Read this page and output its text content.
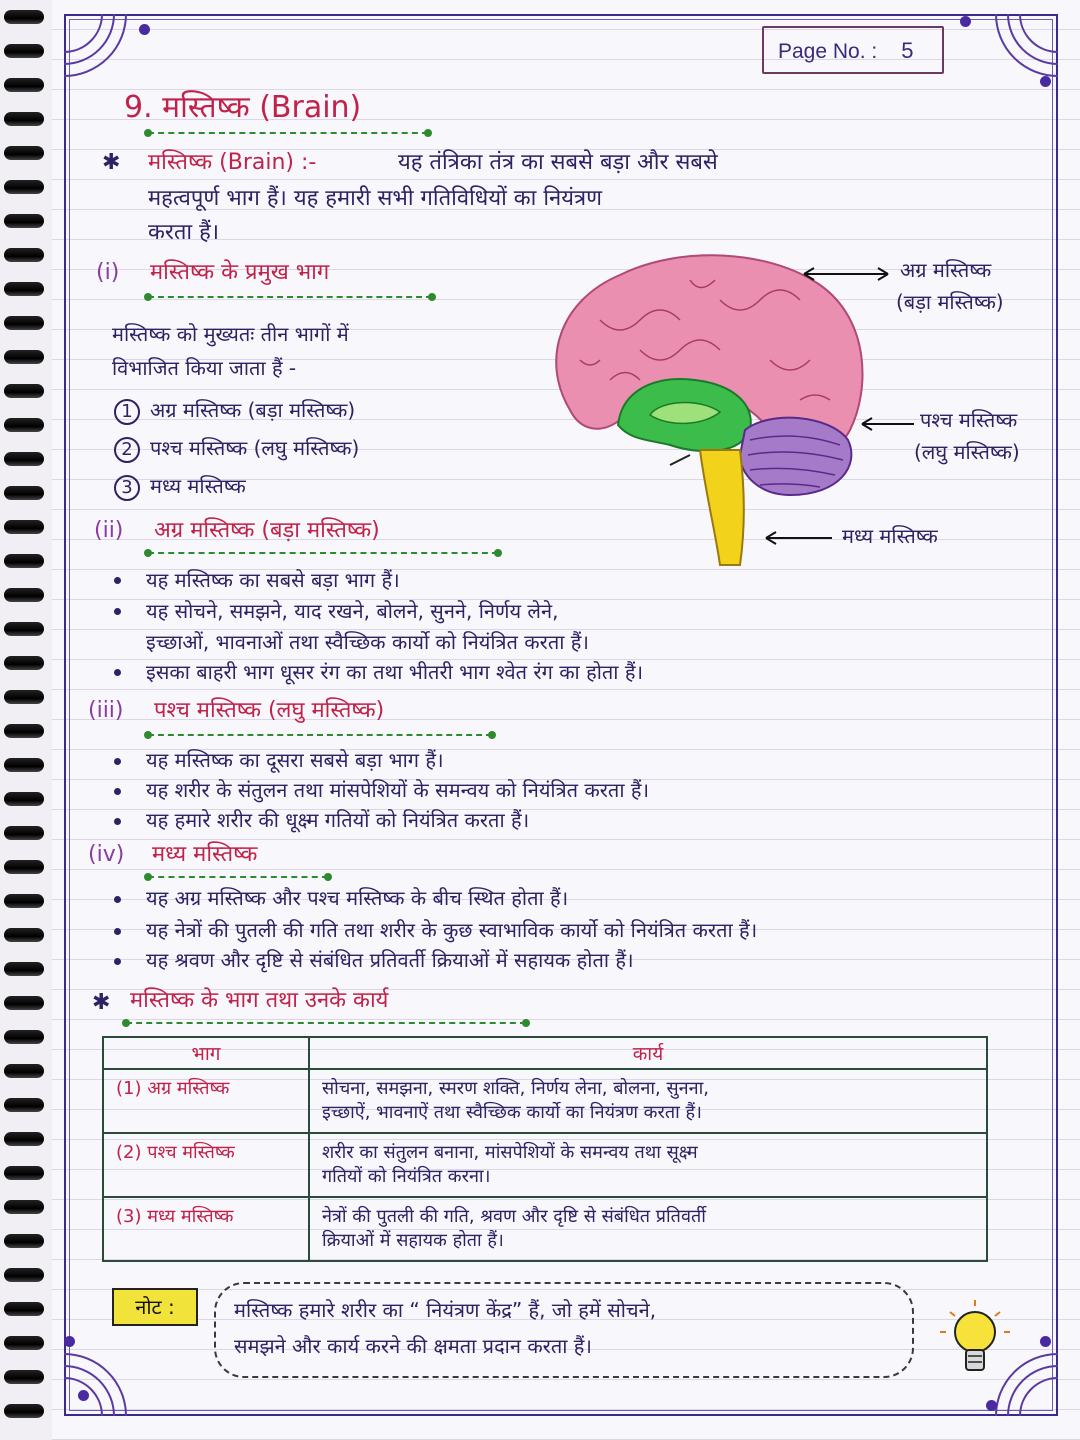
Page No. : 5
9. मस्तिष्क (Brain)
✱ मस्तिष्क (Brain) :-	यह तंत्रिका तंत्र का सबसे बड़ा और सबसे
महत्वपूर्ण भाग हैं। यह हमारी सभी गतिविधियों का नियंत्रण
करता हैं।
(i) मस्तिष्क के प्रमुख भाग
मस्तिष्क को मुख्यतः तीन भागों में
विभाजित किया जाता हैं -
1 अग्र मस्तिष्क (बड़ा मस्तिष्क)
2 पश्च मस्तिष्क (लघु मस्तिष्क)
3 मध्य मस्तिष्क
अग्र मस्तिष्क
(बड़ा मस्तिष्क)
पश्च मस्तिष्क
(लघु मस्तिष्क)
मध्य मस्तिष्क
(ii) अग्र मस्तिष्क (बड़ा मस्तिष्क)
यह मस्तिष्क का सबसे बड़ा भाग हैं।
यह सोचने, समझने, याद रखने, बोलने, सुनने, निर्णय लेने,
इच्छाओं, भावनाओं तथा स्वैच्छिक कार्यो को नियंत्रित करता हैं।
इसका बाहरी भाग धूसर रंग का तथा भीतरी भाग श्वेत रंग का होता हैं।
(iii) पश्च मस्तिष्क (लघु मस्तिष्क)
यह मस्तिष्क का दूसरा सबसे बड़ा भाग हैं।
यह शरीर के संतुलन तथा मांसपेशियों के समन्वय को नियंत्रित करता हैं।
यह हमारे शरीर की धूक्ष्म गतियों को नियंत्रित करता हैं।
(iv) मध्य मस्तिष्क
यह अग्र मस्तिष्क और पश्च मस्तिष्क के बीच स्थित होता हैं।
यह नेत्रों की पुतली की गति तथा शरीर के कुछ स्वाभाविक कार्यो को नियंत्रित करता हैं।
यह श्रवण और दृष्टि से संबंधित प्रतिवर्ती क्रियाओं में सहायक होता हैं।
✱ मस्तिष्क के भाग तथा उनके कार्य
भाग	कार्य
(1) अग्र मस्तिष्क	सोचना, समझना, स्मरण शक्ति, निर्णय लेना, बोलना, सुनना,
इच्छाऐं, भावनाऐं तथा स्वैच्छिक कार्यो का नियंत्रण करता हैं।

(2) पश्च मस्तिष्क	शरीर का संतुलन बनाना, मांसपेशियों के समन्वय तथा सूक्ष्म
गतियों को नियंत्रित करना।

(3) मध्य मस्तिष्क	नेत्रों की पुतली की गति, श्रवण और दृष्टि से संबंधित प्रतिवर्ती
क्रियाओं में सहायक होता हैं।
नोट :	मस्तिष्क हमारे शरीर का “ नियंत्रण केंद्र” हैं, जो हमें सोचने,
समझने और कार्य करने की क्षमता प्रदान करता हैं।
